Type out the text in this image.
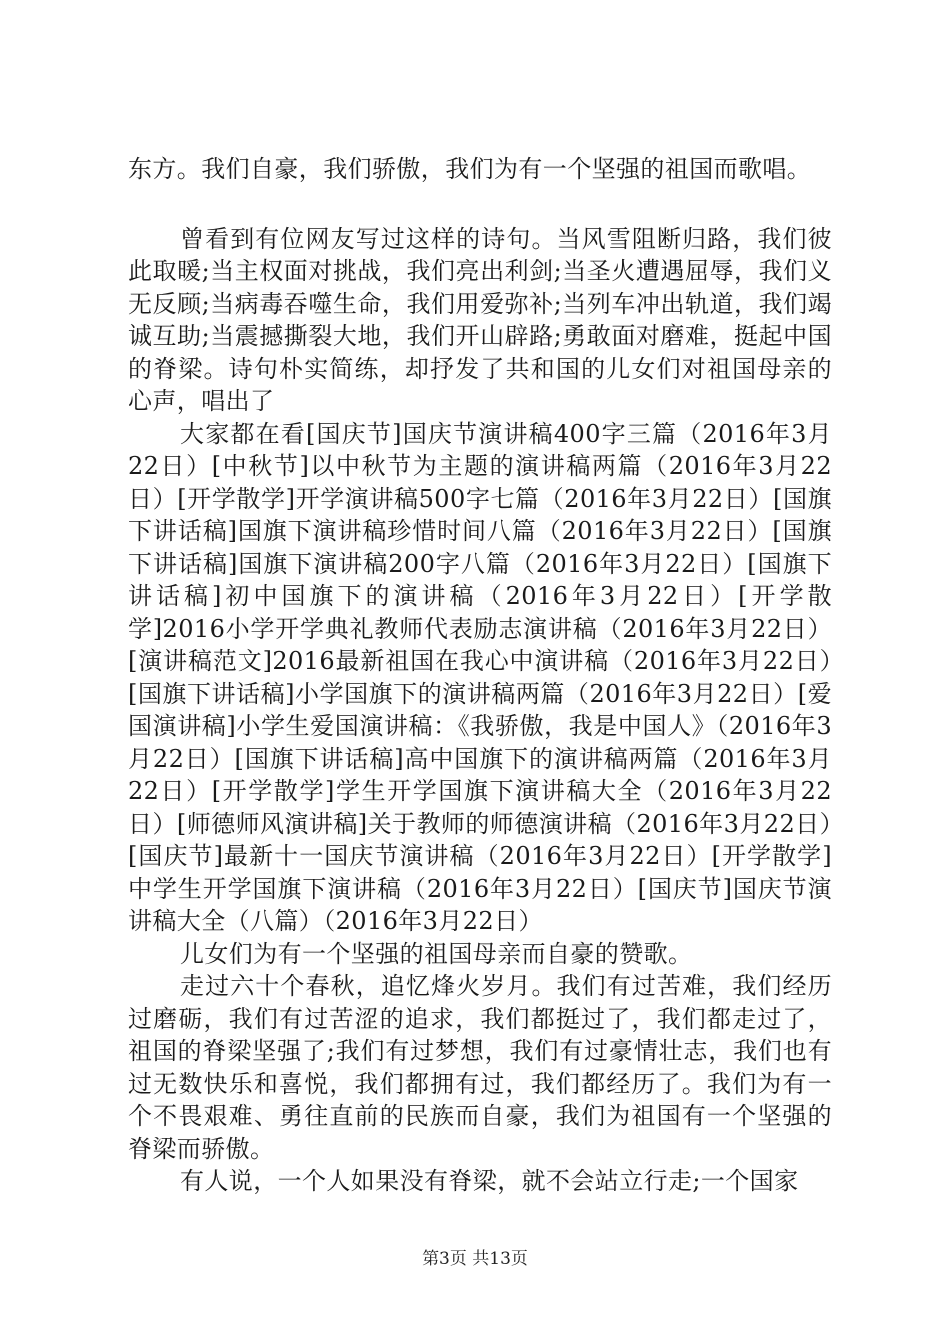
东方。我们自豪，我们骄傲，我们为有一个坚强的祖国而歌唱。

曾看到有位网友写过这样的诗句。当风雪阻断归路，我们彼此取暖;当主权面对挑战，我们亮出利剑;当圣火遭遇屈辱，我们义无反顾;当病毒吞噬生命，我们用爱弥补;当列车冲出轨道，我们竭诚互助;当震撼撕裂大地，我们开山辟路;勇敢面对磨难，挺起中国的脊梁。诗句朴实简练，却抒发了共和国的儿女们对祖国母亲的心声，唱出了

大家都在看[国庆节]国庆节演讲稿400字三篇（2016年3月22日）[中秋节]以中秋节为主题的演讲稿两篇（2016年3月22日）[开学散学]开学演讲稿500字七篇（2016年3月22日）[国旗下讲话稿]国旗下演讲稿珍惜时间八篇（2016年3月22日）[国旗下讲话稿]国旗下演讲稿200字八篇（2016年3月22日）[国旗下讲话稿]初中国旗下的演讲稿（2016年3月22日）[开学散学]2016小学开学典礼教师代表励志演讲稿（2016年3月22日）[演讲稿范文]2016最新祖国在我心中演讲稿（2016年3月22日）[国旗下讲话稿]小学国旗下的演讲稿两篇（2016年3月22日）[爱国演讲稿]小学生爱国演讲稿：《我骄傲，我是中国人》（2016年3月22日）[国旗下讲话稿]高中国旗下的演讲稿两篇（2016年3月22日）[开学散学]学生开学国旗下演讲稿大全（2016年3月22日）[师德师风演讲稿]关于教师的师德演讲稿（2016年3月22日）[国庆节]最新十一国庆节演讲稿（2016年3月22日）[开学散学]中学生开学国旗下演讲稿（2016年3月22日）[国庆节]国庆节演讲稿大全（八篇）（2016年3月22日）

儿女们为有一个坚强的祖国母亲而自豪的赞歌。

走过六十个春秋，追忆烽火岁月。我们有过苦难，我们经历过磨砺，我们有过苦涩的追求，我们都挺过了，我们都走过了，祖国的脊梁坚强了;我们有过梦想，我们有过豪情壮志，我们也有过无数快乐和喜悦，我们都拥有过，我们都经历了。我们为有一个不畏艰难、勇往直前的民族而自豪，我们为祖国有一个坚强的脊梁而骄傲。

有人说，一个人如果没有脊梁，就不会站立行走;一个国家

第3页 共13页
